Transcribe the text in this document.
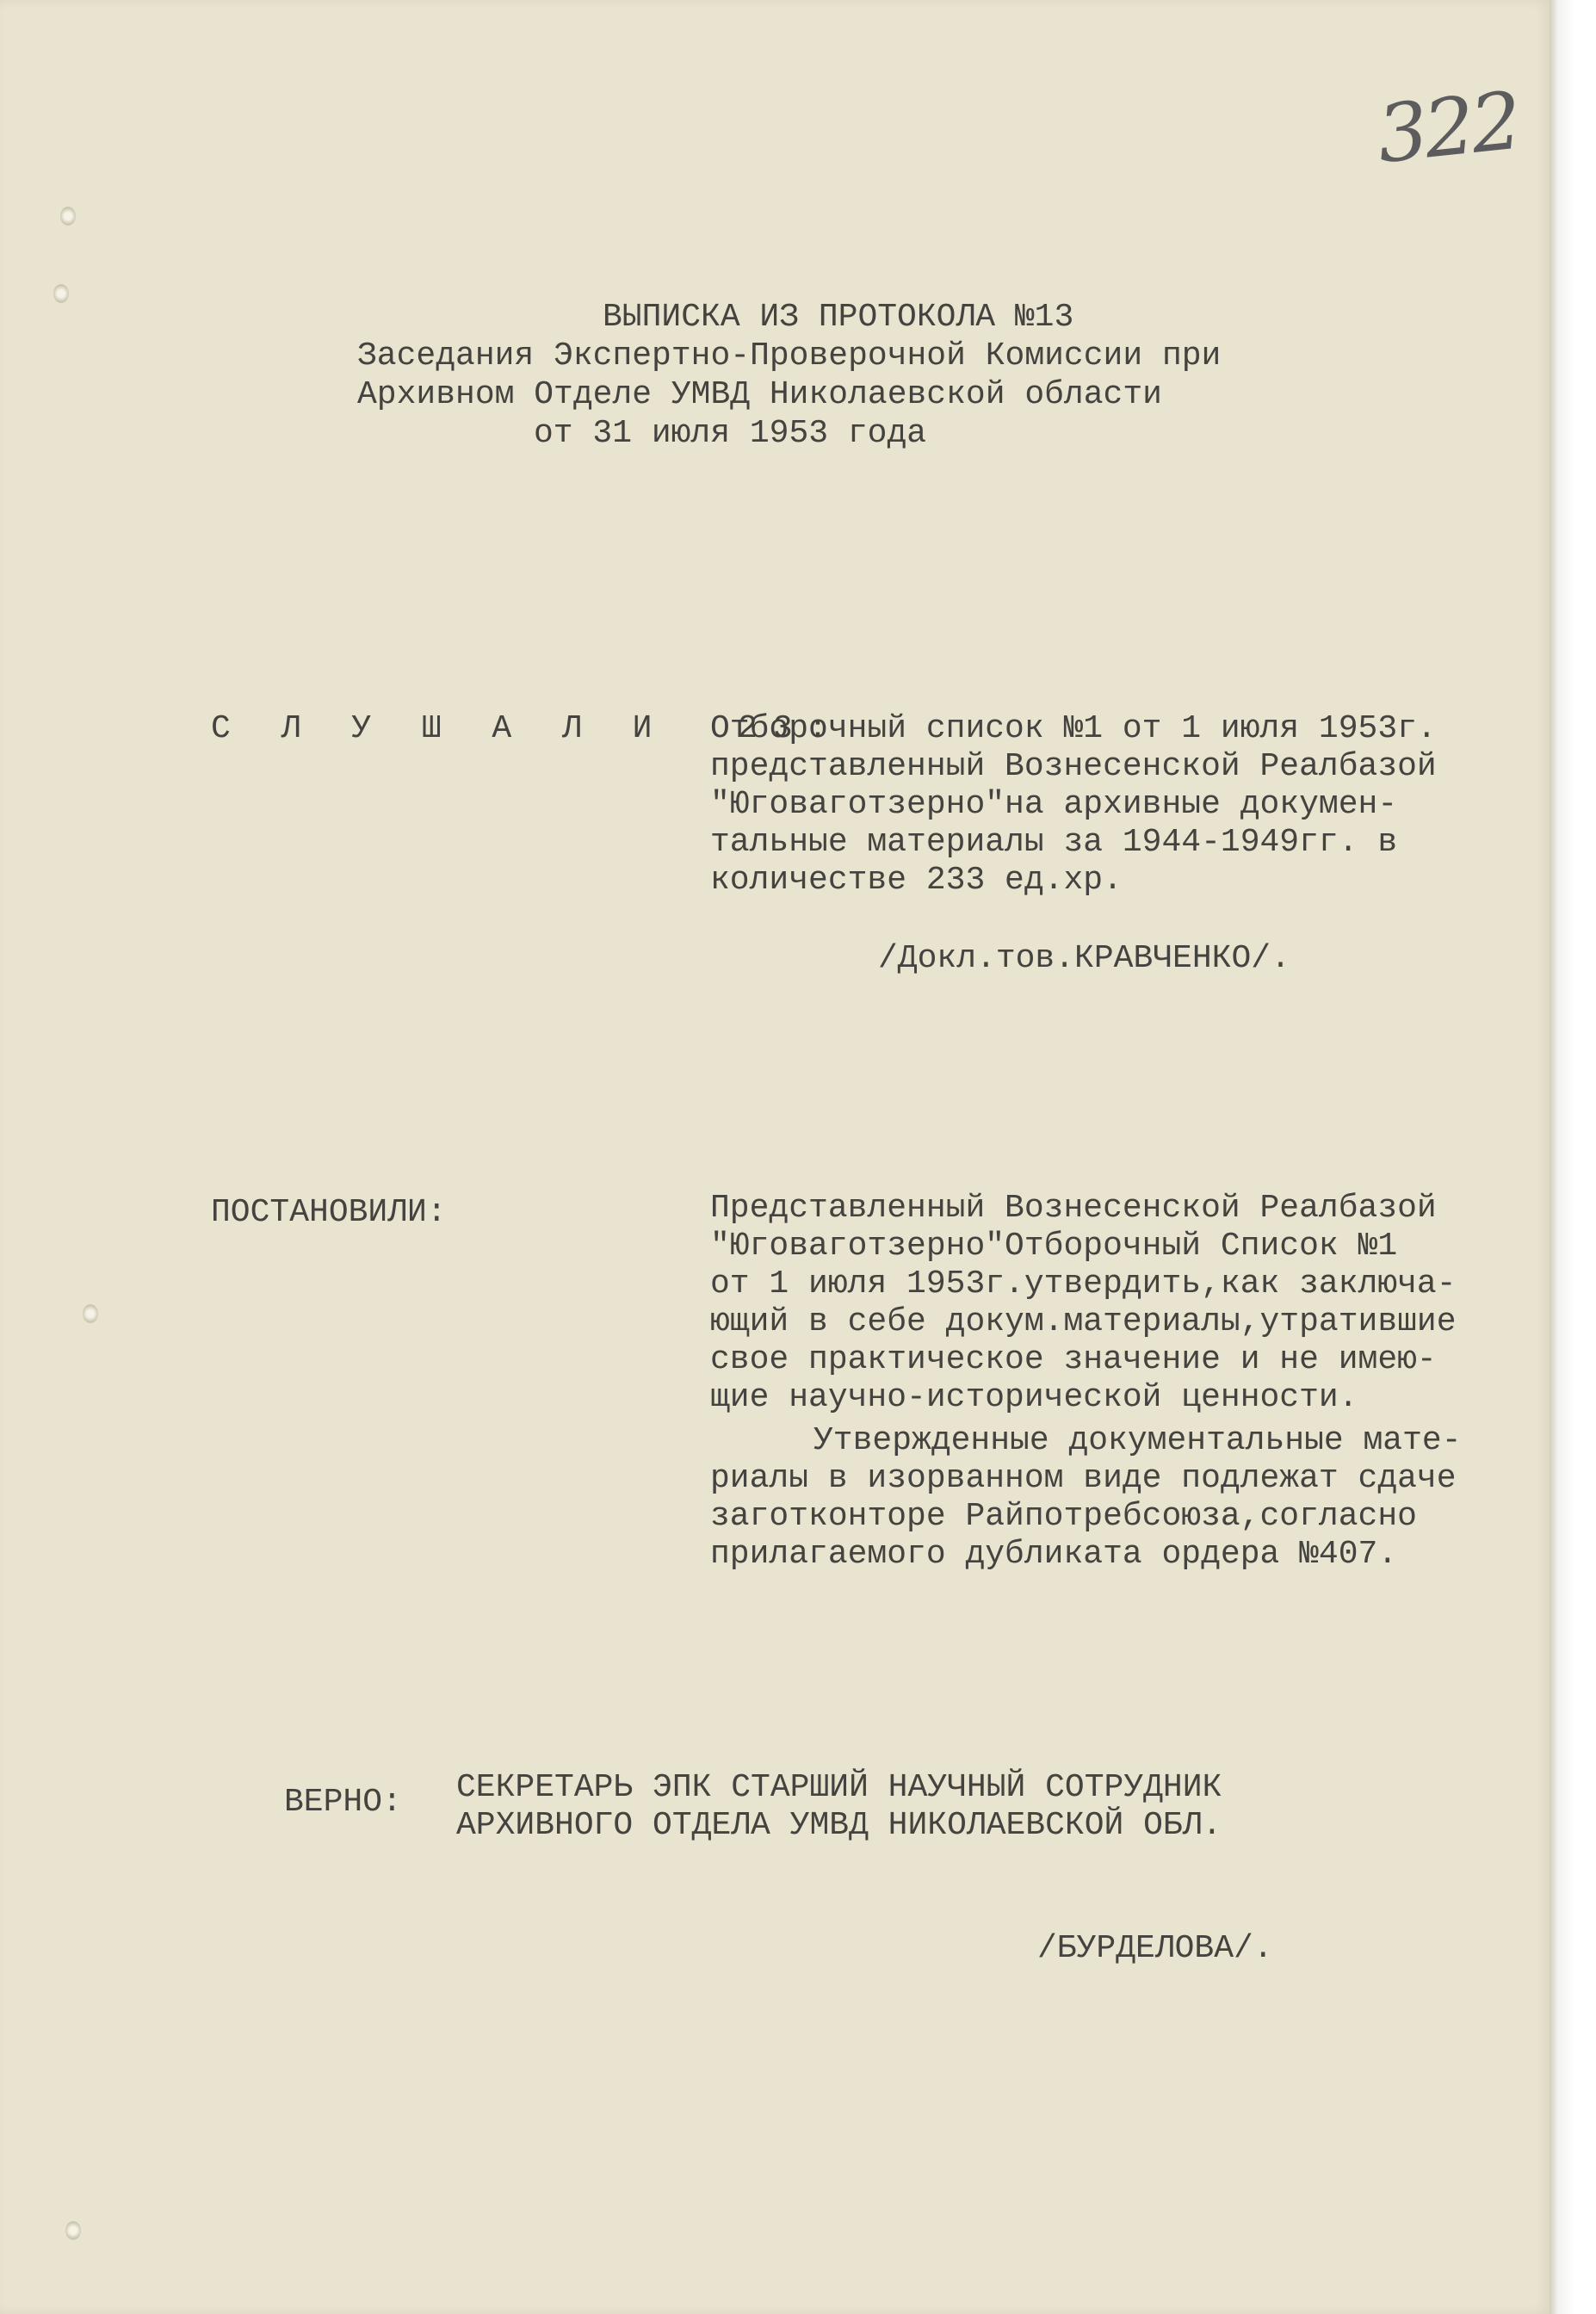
322
ВЫПИСКА ИЗ ПРОТОКОЛА №13
Заседания Экспертно-Проверочной Комиссии при
Архивном Отделе УМВД Николаевской области
от 31 июля 1953 года
С Л У Ш А Л И  23:
Отборочный список №1 от 1 июля 1953г.
представленный Вознесенской Реалбазой
"Юговаготзерно"на архивные докумен-
тальные материалы за 1944-1949гг. в
количестве 233 ед.хр.
/Докл.тов.КРАВЧЕНКО/.
ПОСТАНОВИЛИ:	Представленный Вознесенской Реалбазой
"Юговаготзерно"Отборочный Список №1
от 1 июля 1953г.утвердить,как заключа-
ющий в себе докум.материалы,утратившие
свое практическое значение и не имею-
щие научно-исторической ценности.
Утвержденные документальные мате-
риалы в изорванном виде подлежат сдаче
заготконторе Райпотребсоюза,согласно
прилагаемого дубликата ордера №407.
ВЕРНО: СЕКРЕТАРЬ ЭПК СТАРШИЙ НАУЧНЫЙ СОТРУДНИК
АРХИВНОГО ОТДЕЛА УМВД НИКОЛАЕВСКОЙ ОБЛ.
/БУРДЕЛОВА/.
